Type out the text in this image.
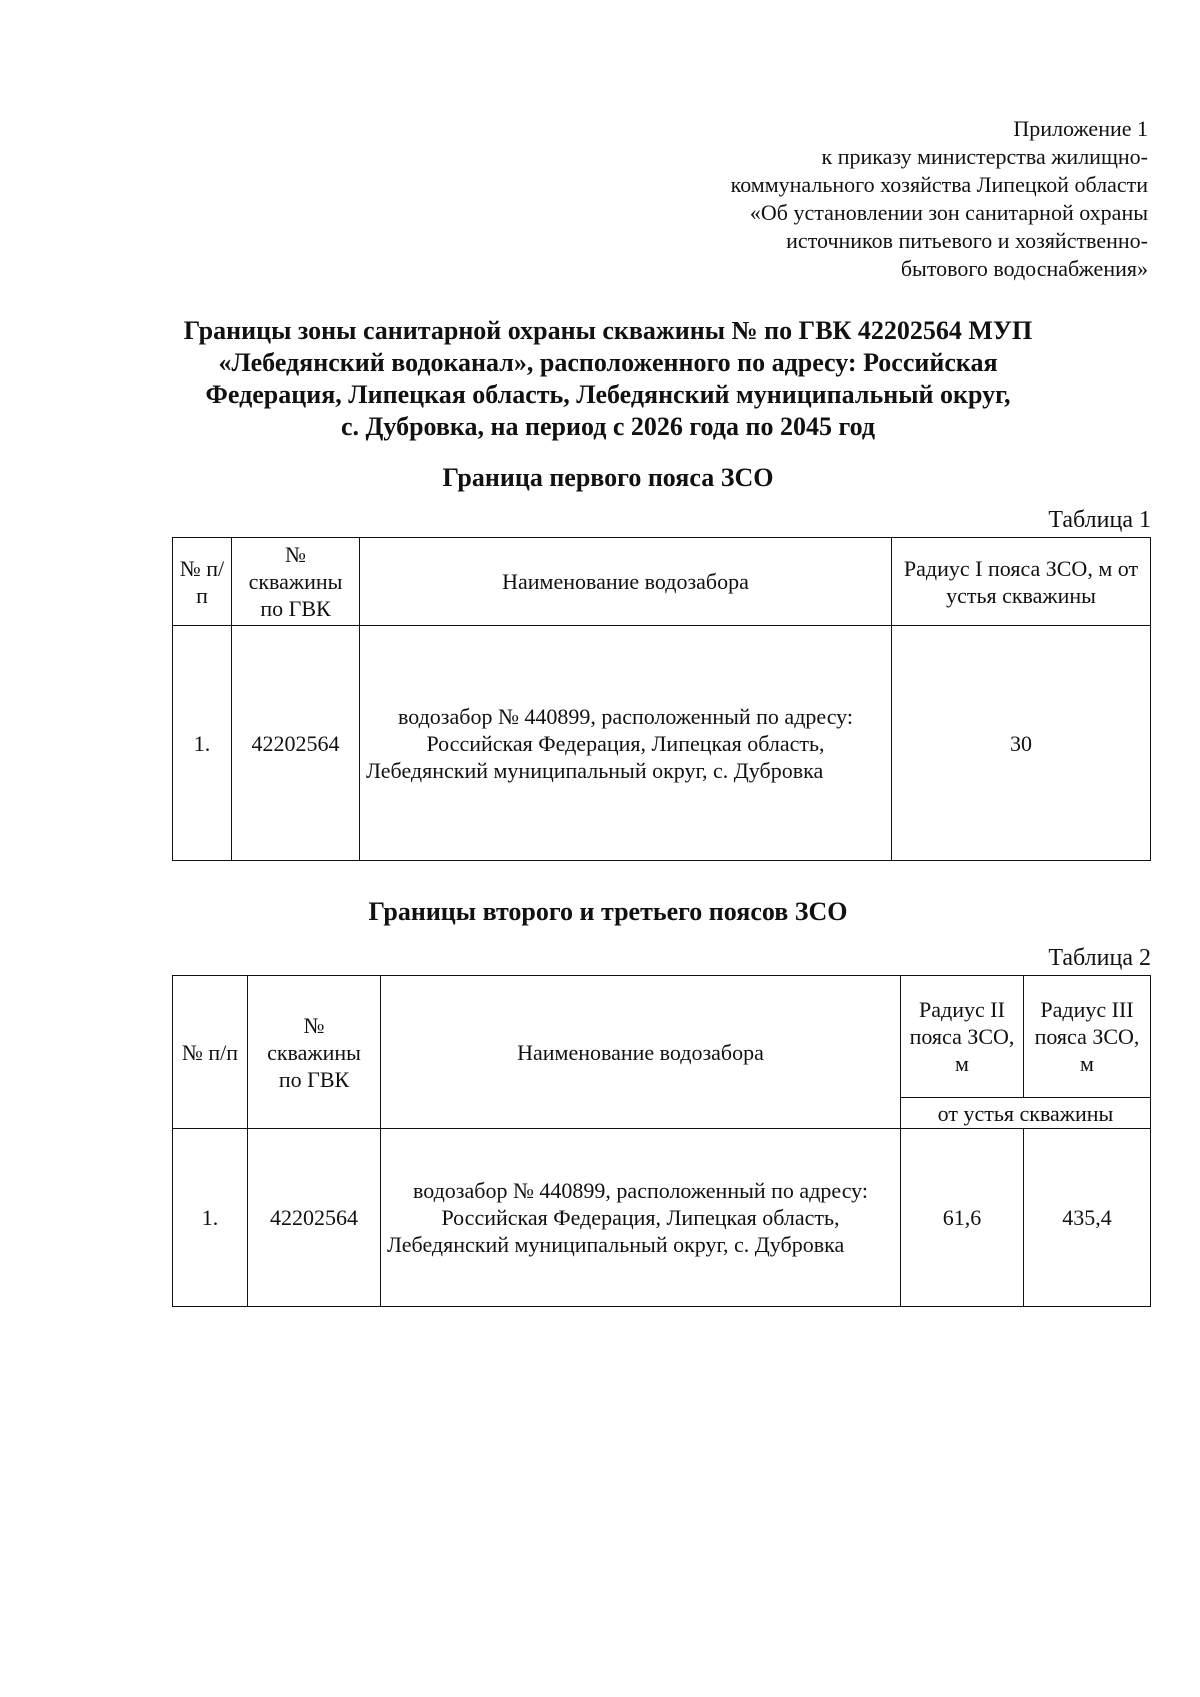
Приложение 1
к приказу министерства жилищно-
коммунального хозяйства Липецкой области
«Об установлении зон санитарной охраны
источников питьевого и хозяйственно-
бытового водоснабжения»
Границы зоны санитарной охраны скважины № по ГВК 42202564 МУП
«Лебедянский водоканал», расположенного по адресу: Российская
Федерация, Липецкая область, Лебедянский муниципальный округ,
с. Дубровка, на период с 2026 года по 2045 год
Граница первого пояса ЗСО
Таблица 1
№ п/п	№ скважины по ГВК	Наименование водозабора	Радиус I пояса ЗСО, м от устья скважины
1.	42202564	водозабор № 440899, расположенный по адресу: Российская Федерация, Липецкая область, Лебедянский муниципальный округ, с. Дубровка	30
Границы второго и третьего поясов ЗСО
Таблица 2
№ п/п	№ скважины по ГВК	Наименование водозабора	Радиус II пояса ЗСО, м	Радиус III пояса ЗСО, м
			от устья скважины	
1.	42202564	водозабор № 440899, расположенный по адресу: Российская Федерация, Липецкая область, Лебедянский муниципальный округ, с. Дубровка	61,6	435,4
